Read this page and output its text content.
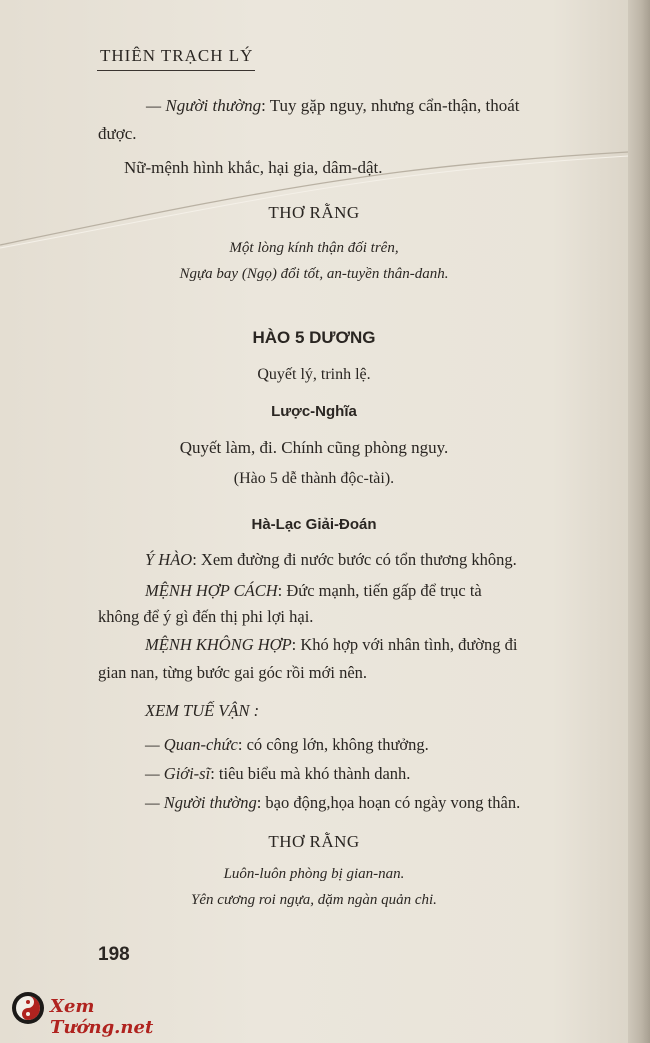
THIÊN TRẠCH LÝ
— Người thường: Tuy gặp nguy, nhưng cẩn-thận, thoát
được.
Nữ-mệnh hình khắc, hại gia, dâm-dật.
THƠ RẰNG
Một lòng kính thận đối trên,
Ngựa bay (Ngọ) đổi tốt, an-tuyền thân-danh.
HÀO 5 DƯƠNG
Quyết lý, trinh lệ.
Lược-Nghĩa
Quyết làm, đi. Chính cũng phòng nguy.
(Hào 5 dễ thành độc-tài).
Hà-Lạc Giải-Đoán
Ý HÀO: Xem đường đi nước bước có tổn thương không.
MỆNH HỢP CÁCH: Đức mạnh, tiến gấp để trục tà
không để ý gì đến thị phi lợi hại.
MỆNH KHÔNG HỢP: Khó hợp với nhân tình, đường đi
gian nan, từng bước gai góc rồi mới nên.
XEM TUẾ VẬN :
— Quan-chức: có công lớn, không thưởng.
— Giới-sĩ: tiêu biểu mà khó thành danh.
— Người thường: bạo động,họa hoạn có ngày vong thân.
THƠ RẰNG
Luôn-luôn phòng bị gian-nan.
Yên cương roi ngựa, dặm ngàn quản chi.
198
Xem Tướng.net
